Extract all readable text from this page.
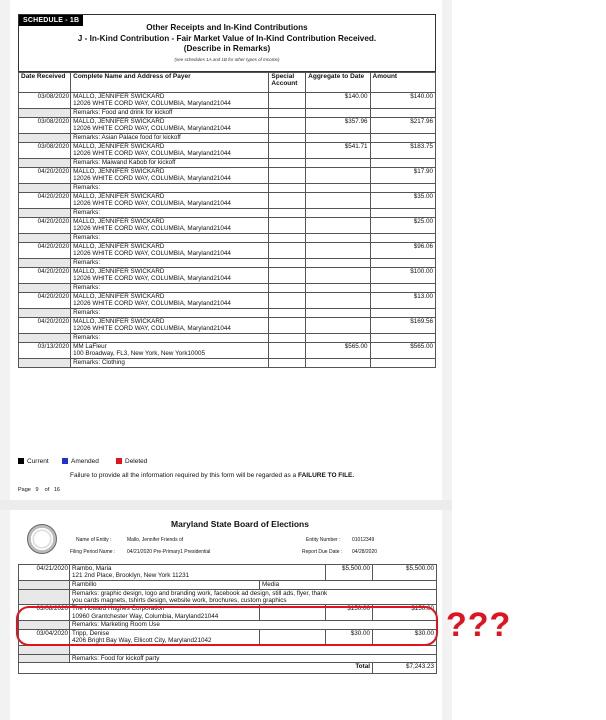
SCHEDULE - 1B
Other Receipts and In-Kind Contributions
J - In-Kind Contribution - Fair Market Value of In-Kind Contribution Received.
(Describe in Remarks)
(see schedules 1A and 1B for other types of Income)
Date Received	Complete Name and Address of Payer	Special Account	Aggregate to Date	Amount
03/08/2020	MALLO, JENNIFER SWICKARD
12026 WHITE CORD WAY, COLUMBIA, Maryland21044		$140.00	$140.00
	Remarks: Food and drink for kickoff			
03/08/2020	MALLO, JENNIFER SWICKARD
12026 WHITE CORD WAY, COLUMBIA, Maryland21044		$357.96	$217.96
	Remarks: Asian Palace food for kickoff			
03/08/2020	MALLO, JENNIFER SWICKARD
12026 WHITE CORD WAY, COLUMBIA, Maryland21044		$541.71	$183.75
	Remarks: Maiwand Kabob for kickoff			
04/20/2020	MALLO, JENNIFER SWICKARD
12026 WHITE CORD WAY, COLUMBIA, Maryland21044			$17.90
	Remarks:			
04/20/2020	MALLO, JENNIFER SWICKARD
12026 WHITE CORD WAY, COLUMBIA, Maryland21044			$35.00
	Remarks:			
04/20/2020	MALLO, JENNIFER SWICKARD
12026 WHITE CORD WAY, COLUMBIA, Maryland21044			$25.00
	Remarks:			
04/20/2020	MALLO, JENNIFER SWICKARD
12026 WHITE CORD WAY, COLUMBIA, Maryland21044			$96.06
	Remarks:			
04/20/2020	MALLO, JENNIFER SWICKARD
12026 WHITE CORD WAY, COLUMBIA, Maryland21044			$100.00
	Remarks:			
04/20/2020	MALLO, JENNIFER SWICKARD
12026 WHITE CORD WAY, COLUMBIA, Maryland21044			$13.00
	Remarks:			
04/20/2020	MALLO, JENNIFER SWICKARD
12026 WHITE CORD WAY, COLUMBIA, Maryland21044			$169.56
	Remarks:			
03/13/2020	MM LaFleur
100 Broadway, FL3, New York, New York10005		$565.00	$565.00
	Remarks: Clothing			
Current	Amended	Deleted
Failure to provide all the information required by this form will be regarded as a FAILURE TO FILE.
Page 9 of 16
Maryland State Board of Elections
Name of Entity :	Mallo, Jennifer Friends of	Entity Number : 01012349
Filing Period Name : 04/21/2020 Pre-Primary1 Presidential	Report Due Date : 04/28/2020
04/21/2020	Rambo, Maria
121 2nd Place, Brooklyn, New York 11231		$5,500.00	$5,500.00
	Rambillo	Media		

	Remarks: graphic design, logo and branding work, facebook ad design, still ads, flyer, thank
you cards magnets, tshirts design, website work, brochures, custom graphics			

03/08/2020	The Howard Hughes Corporation
10960 Grantchester Way, Columbia, Maryland21044		$150.00	$150.00
	Remarks: Marketing Room Use			
03/04/2020	Tripp, Denise
4206 Bright Bay Way, Ellicott City, Maryland21042		$30.00	$30.00

	Remarks: Food for kickoff party			
Total				$7,243.23
???
